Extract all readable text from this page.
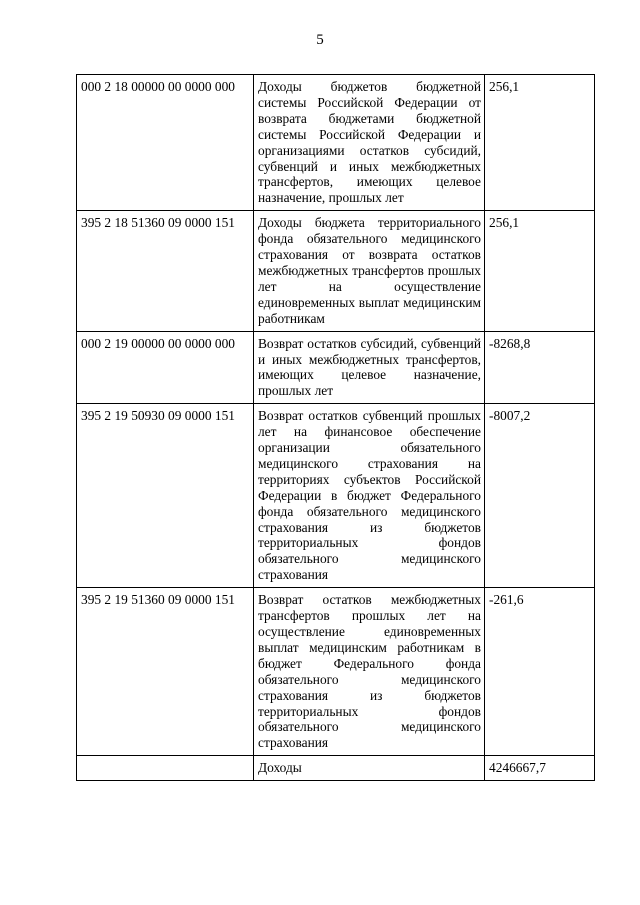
5
000 2 18 00000 00 0000 000	Доходы бюджетов бюджетной системы Российской Федерации от возврата бюджетами бюджетной системы Российской Федерации и организациями остатков субсидий, субвенций и иных межбюджетных трансфертов, имеющих целевое назначение, прошлых лет	256,1
395 2 18 51360 09 0000 151	Доходы бюджета территориального фонда обязательного медицинского страхования от возврата остатков межбюджетных трансфертов прошлых лет на осуществление единовременных выплат медицинским работникам	256,1
000 2 19 00000 00 0000 000	Возврат остатков субсидий, субвенций и иных межбюджетных трансфертов, имеющих целевое назначение, прошлых лет	-8268,8
395 2 19 50930 09 0000 151	Возврат остатков субвенций прошлых лет на финансовое обеспечение организации обязательного медицинского страхования на территориях субъектов Российской Федерации в бюджет Федерального фонда обязательного медицинского страхования из бюджетов территориальных фондов обязательного медицинского страхования	-8007,2
395 2 19 51360 09 0000 151	Возврат остатков межбюджетных трансфертов прошлых лет на осуществление единовременных выплат медицинским работникам в бюджет Федерального фонда обязательного медицинского страхования из бюджетов территориальных фондов обязательного медицинского страхования	-261,6
	Доходы	4246667,7
